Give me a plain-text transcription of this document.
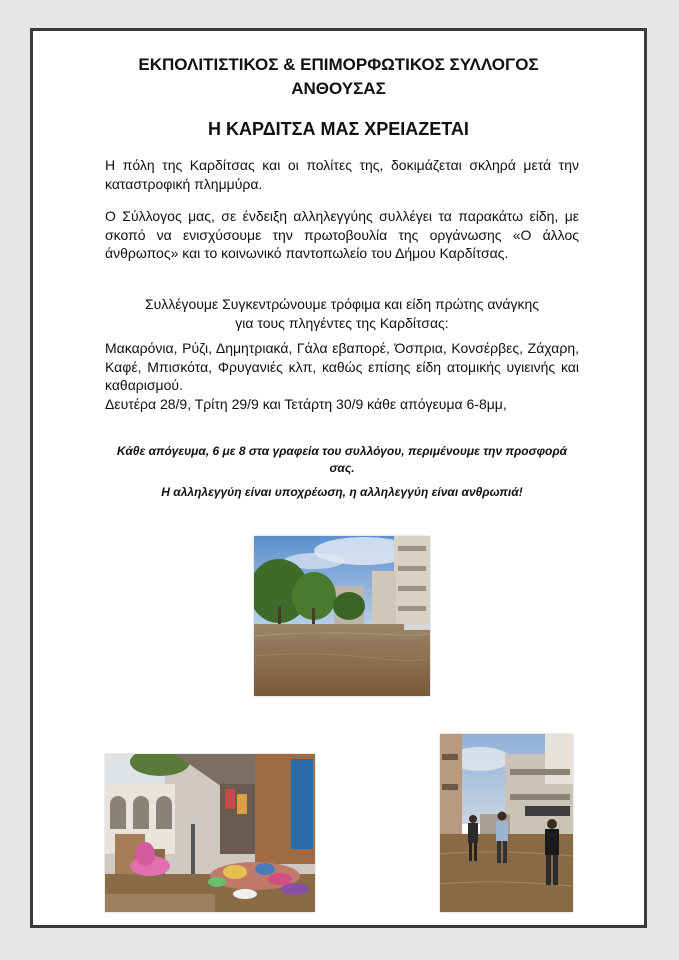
ΕΚΠΟΛΙΤΙΣΤΙΚΟΣ & ΕΠΙΜΟΡΦΩΤΙΚΟΣ ΣΥΛΛΟΓΟΣ
ΑΝΘΟΥΣΑΣ
Η ΚΑΡΔΙΤΣΑ ΜΑΣ ΧΡΕΙΑΖΕΤΑΙ
Η πόλη της Καρδίτσας και οι πολίτες της, δοκιμάζεται σκληρά μετά την καταστροφική πλημμύρα.
Ο Σύλλογος μας, σε ένδειξη αλληλεγγύης συλλέγει τα παρακάτω είδη, με σκοπό να ενισχύσουμε την πρωτοβουλία της οργάνωσης «Ο άλλος άνθρωπος» και το κοινωνικό παντοπωλείο του Δήμου Καρδίτσας.
Συλλέγουμε Συγκεντρώνουμε τρόφιμα και είδη πρώτης ανάγκης
για τους πληγέντες της Καρδίτσας:
Μακαρόνια, Ρύζι, Δημητριακά, Γάλα εβαπορέ, Όσπρια, Κονσέρβες, Ζάχαρη, Καφέ, Μπισκότα, Φρυγανιές κλπ, καθώς επίσης είδη ατομικής υγιεινής και καθαρισμού.
Δευτέρα 28/9, Τρίτη 29/9 και Τετάρτη 30/9 κάθε απόγευμα 6-8μμ,
Κάθε απόγευμα, 6 με 8 στα γραφεία του συλλόγου, περιμένουμε την προσφορά σας.
Η αλληλεγγύη είναι υποχρέωση, η αλληλεγγύη είναι ανθρωπιά!
